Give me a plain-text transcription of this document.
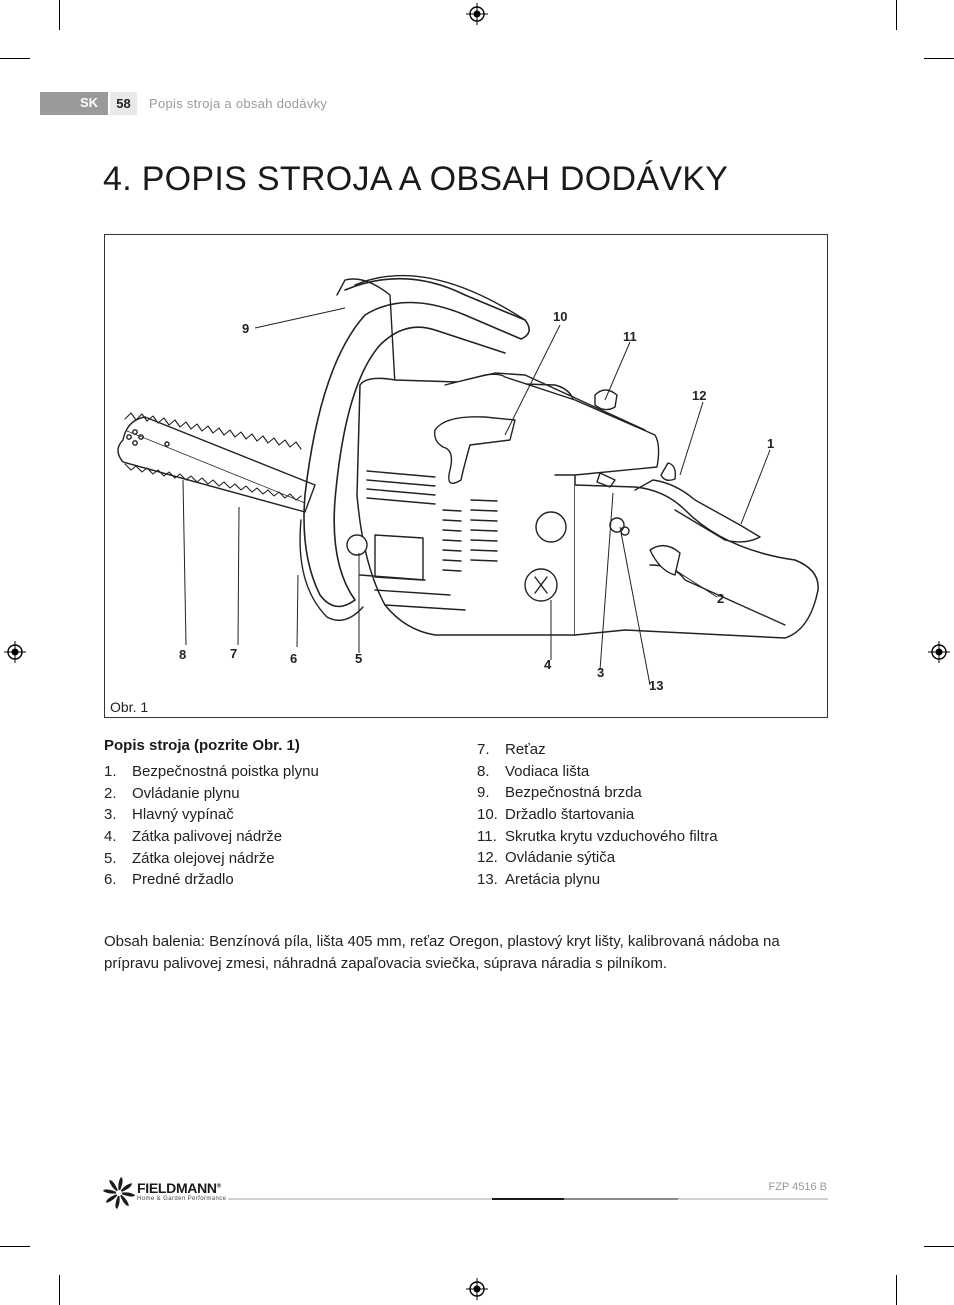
SK	58	Popis stroja a obsah dodávky
4. POPIS STROJA A OBSAH DODÁVKY
1
2
3
4
5
6
7
8
9
10
11
12
13
Obr. 1
Popis stroja (pozrite Obr. 1)
1. Bezpečnostná poistka plynu
2. Ovládanie plynu
3. Hlavný vypínač
4. Zátka palivovej nádrže
5. Zátka olejovej nádrže
6. Predné držadlo
7. Reťaz
8. Vodiaca lišta
9. Bezpečnostná brzda
10. Držadlo štartovania
11. Skrutka krytu vzduchového filtra
12. Ovládanie sýtiča
13. Aretácia plynu

Obsah balenia: Benzínová píla, lišta 405 mm, reťaz Oregon, plastový kryt lišty, kalibrovaná nádoba na prípravu palivovej zmesi, náhradná zapaľovacia sviečka, súprava náradia s pilníkom.

FIELDMANN®
Home & Garden Performance
FZP 4516 B
